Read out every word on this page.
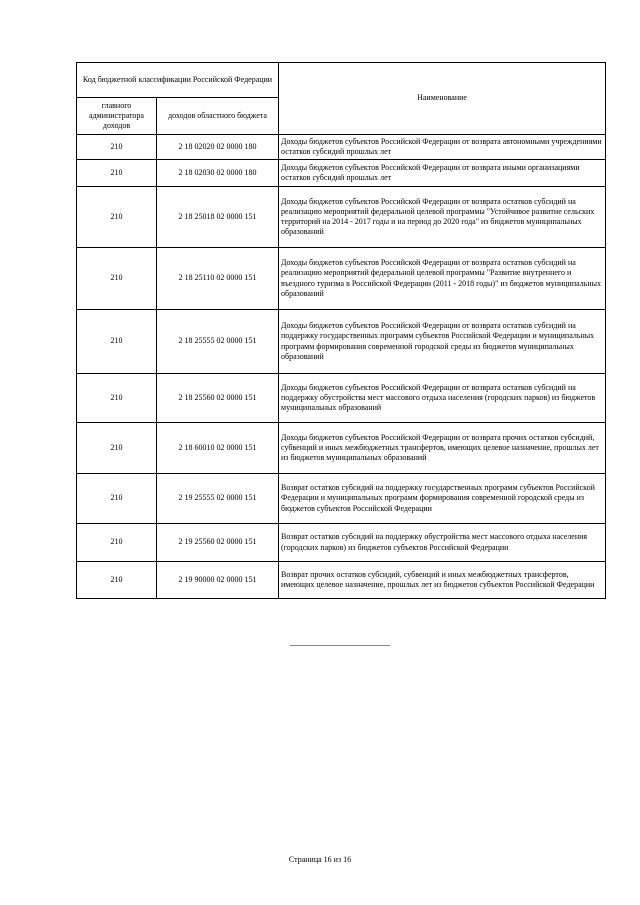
Код бюджетной классификации Российской Федерации		Наименование
главного администратора доходов	доходов областного бюджета	
210	2 18 02020 02 0000 180	Доходы бюджетов субъектов Российской Федерации от возврата автономными учреждениями остатков субсидий прошлых лет
210	2 18 02030 02 0000 180	Доходы бюджетов субъектов Российской Федерации от возврата иными организациями остатков субсидий прошлых лет
210	2 18 25018 02 0000 151	Доходы бюджетов субъектов Российской Федерации от возврата остатков субсидий на реализацию мероприятий федеральной целевой программы "Устойчивое развитие сельских территорий на 2014 - 2017 годы и на период до 2020 года" из бюджетов муниципальных образований
210	2 18 25110 02 0000 151	Доходы бюджетов субъектов Российской Федерации от возврата остатков субсидий на реализацию мероприятий федеральной целевой программы "Развитие внутреннего и въездного туризма в Российской Федерации (2011 - 2018 годы)" из бюджетов муниципальных образований
210	2 18 25555 02 0000 151	Доходы бюджетов субъектов Российской Федерации от возврата остатков субсидий на поддержку государственных программ субъектов Российской Федерации и муниципальных программ формирования современной городской среды из бюджетов муниципальных образований
210	2 18 25560 02 0000 151	Доходы бюджетов субъектов Российской Федерации от возврата остатков субсидий на поддержку обустройства мест массового отдыха населения (городских парков) из бюджетов муниципальных образований
210	2 18 60010 02 0000 151	Доходы бюджетов субъектов Российской Федерации от возврата прочих остатков субсидий, субвенций и иных межбюджетных трансфертов, имеющих целевое назначение, прошлых лет из бюджетов муниципальных образований
210	2 19 25555 02 0000 151	Возврат остатков субсидий на поддержку государственных программ субъектов Российской Федерации и муниципальных программ формирования современной городской среды из бюджетов субъектов Российской Федерации
210	2 19 25560 02 0000 151	Возврат остатков субсидий на поддержку обустройства мест массового отдыха населения (городских парков) из бюджетов субъектов Российской Федерации
210	2 19 90000 02 0000 151	Возврат прочих остатков субсидий, субвенций и иных межбюджетных трансфертов, имеющих целевое назначение, прошлых лет из бюджетов субъектов Российской Федерации
Страница 16 из 16
